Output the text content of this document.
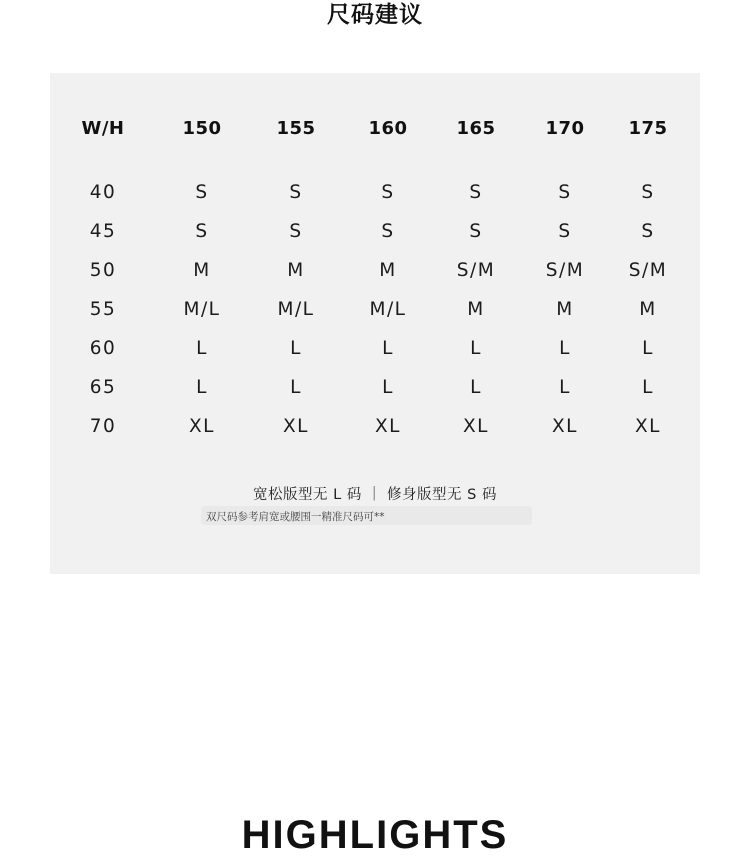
尺码建议
W/H	150	155	160	165	170	175
40	S	S	S	S	S	S
45	S	S	S	S	S	S
50	M	M	M	S/M	S/M	S/M
55	M/L	M/L	M/L	M	M	M
60	L	L	L	L	L	L
65	L	L	L	L	L	L
70	XL	XL	XL	XL	XL	XL
宽松版型无 L 码 ｜ 修身版型无 S 码
双尺码参考肩宽或腰围一精准尺码可**
HIGHLIGHTS
